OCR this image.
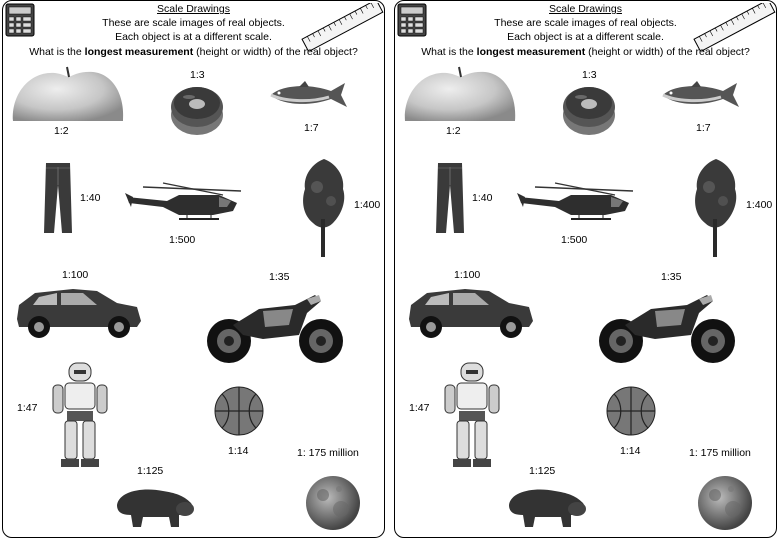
Scale Drawings
These are scale images of real objects.
Each object is at a different scale.
What is the longest measurement (height or width) of the real object?
1:2
1:3
1:7
1:40
1:500
1:400
1:100	1:35
1:47
1:14
1:125
1: 175 million
Scale Drawings
These are scale images of real objects.
Each object is at a different scale.
What is the longest measurement (height or width) of the real object?
1:2
1:3
1:7
1:40
1:500
1:400
1:100	1:35
1:47
1:14
1:125
1: 175 million
